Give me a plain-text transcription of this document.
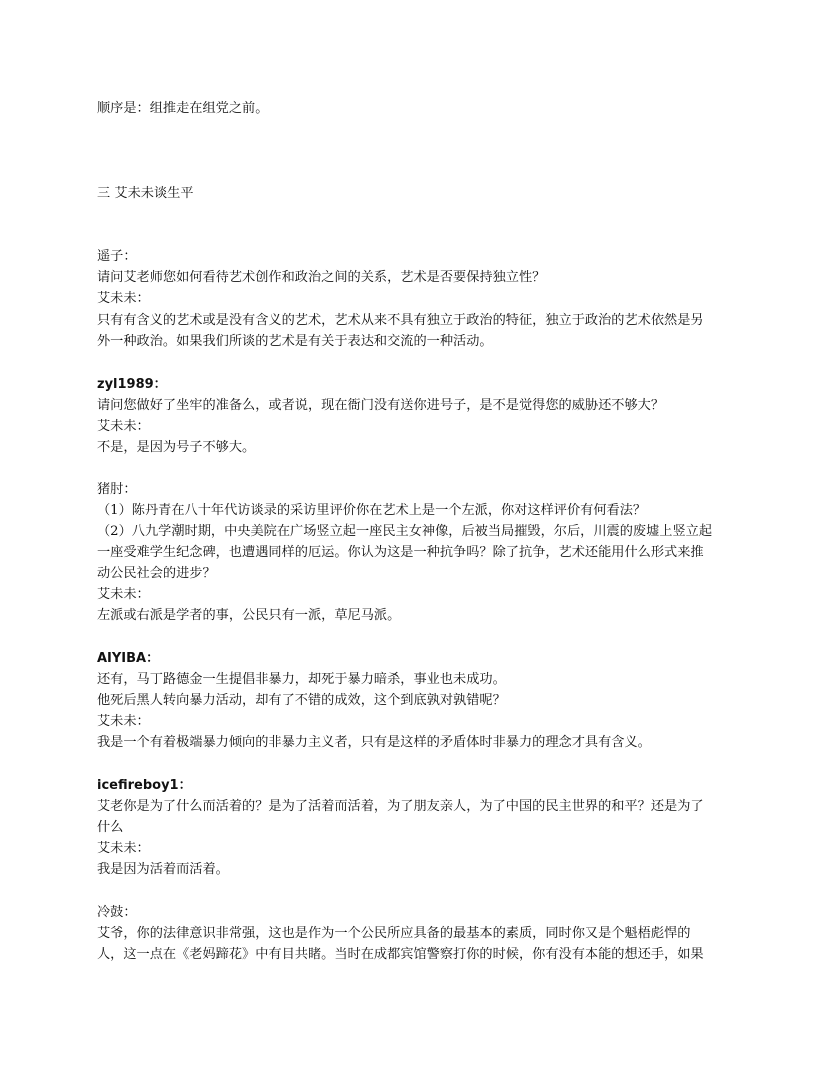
顺序是：组推走在组党之前。
三 艾未未谈生平
遥子：
请问艾老师您如何看待艺术创作和政治之间的关系，艺术是否要保持独立性？
艾未未：
只有有含义的艺术或是没有含义的艺术，艺术从来不具有独立于政治的特征，独立于政治的艺术依然是另
外一种政治。如果我们所谈的艺术是有关于表达和交流的一种活动。
zyl1989：
请问您做好了坐牢的准备么，或者说，现在衙门没有送你进号子，是不是觉得您的威胁还不够大？
艾未未：
不是，是因为号子不够大。
猪肘：
（1）陈丹青在八十年代访谈录的采访里评价你在艺术上是一个左派，你对这样评价有何看法？
（2）八九学潮时期，中央美院在广场竖立起一座民主女神像，后被当局摧毁，尔后，川震的废墟上竖立起
一座受难学生纪念碑，也遭遇同样的厄运。你认为这是一种抗争吗？除了抗争，艺术还能用什么形式来推
动公民社会的进步？
艾未未：
左派或右派是学者的事，公民只有一派，草尼马派。
AIYIBA：
还有，马丁路德金一生提倡非暴力，却死于暴力暗杀，事业也未成功。
他死后黑人转向暴力活动，却有了不错的成效，这个到底孰对孰错呢？
艾未未：
我是一个有着极端暴力倾向的非暴力主义者，只有是这样的矛盾体时非暴力的理念才具有含义。
icefireboy1：
艾老你是为了什么而活着的？是为了活着而活着，为了朋友亲人，为了中国的民主世界的和平？还是为了
什么
艾未未：
我是因为活着而活着。
冷鼓：
艾爷，你的法律意识非常强，这也是作为一个公民所应具备的最基本的素质，同时你又是个魁梧彪悍的
人，这一点在《老妈蹄花》中有目共睹。当时在成都宾馆警察打你的时候，你有没有本能的想还手，如果
